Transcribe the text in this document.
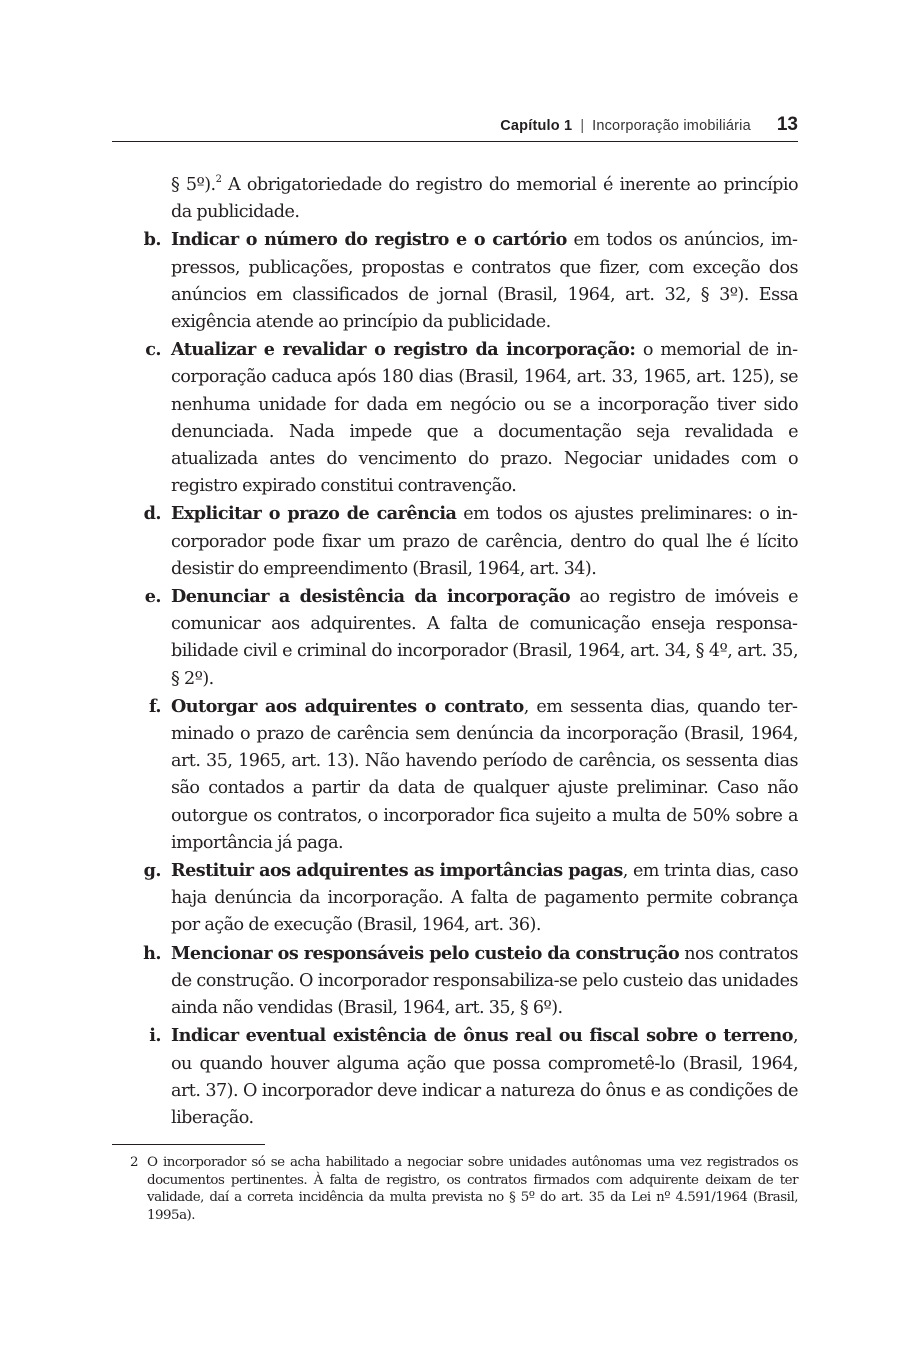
Capítulo 1 | Incorporação imobiliária 13
§ 5º).$^2$ A obrigatoriedade do registro do memorial é inerente ao princípio da publicidade.
b. Indicar o número do registro e o cartório em todos os anúncios, impressos, publicações, propostas e contratos que fizer, com exceção dos anúncios em classificados de jornal (Brasil, 1964, art. 32, § 3º). Essa exigência atende ao princípio da publicidade.
c. Atualizar e revalidar o registro da incorporação: o memorial de incorporação caduca após 180 dias (Brasil, 1964, art. 33, 1965, art. 125), se nenhuma unidade for dada em negócio ou se a incorporação tiver sido denunciada. Nada impede que a documentação seja revalidada e atualizada antes do vencimento do prazo. Negociar unidades com o registro expirado constitui contravenção.
d. Explicitar o prazo de carência em todos os ajustes preliminares: o incorporador pode fixar um prazo de carência, dentro do qual lhe é lícito desistir do empreendimento (Brasil, 1964, art. 34).
e. Denunciar a desistência da incorporação ao registro de imóveis e comunicar aos adquirentes. A falta de comunicação enseja responsabilidade civil e criminal do incorporador (Brasil, 1964, art. 34, § 4º, art. 35, § 2º).
f. Outorgar aos adquirentes o contrato, em sessenta dias, quando terminado o prazo de carência sem denúncia da incorporação (Brasil, 1964, art. 35, 1965, art. 13). Não havendo período de carência, os sessenta dias são contados a partir da data de qualquer ajuste preliminar. Caso não outorgue os contratos, o incorporador fica sujeito a multa de 50% sobre a importância já paga.
g. Restituir aos adquirentes as importâncias pagas, em trinta dias, caso haja denúncia da incorporação. A falta de pagamento permite cobrança por ação de execução (Brasil, 1964, art. 36).
h. Mencionar os responsáveis pelo custeio da construção nos contratos de construção. O incorporador responsabiliza-se pelo custeio das unidades ainda não vendidas (Brasil, 1964, art. 35, § 6º).
i. Indicar eventual existência de ônus real ou fiscal sobre o terreno, ou quando houver alguma ação que possa comprometê-lo (Brasil, 1964, art. 37). O incorporador deve indicar a natureza do ônus e as condições de liberação.
2 O incorporador só se acha habilitado a negociar sobre unidades autônomas uma vez registrados os documentos pertinentes. À falta de registro, os contratos firmados com adquirente deixam de ter validade, daí a correta incidência da multa prevista no § 5º do art. 35 da Lei nº 4.591/1964 (Brasil, 1995a).
